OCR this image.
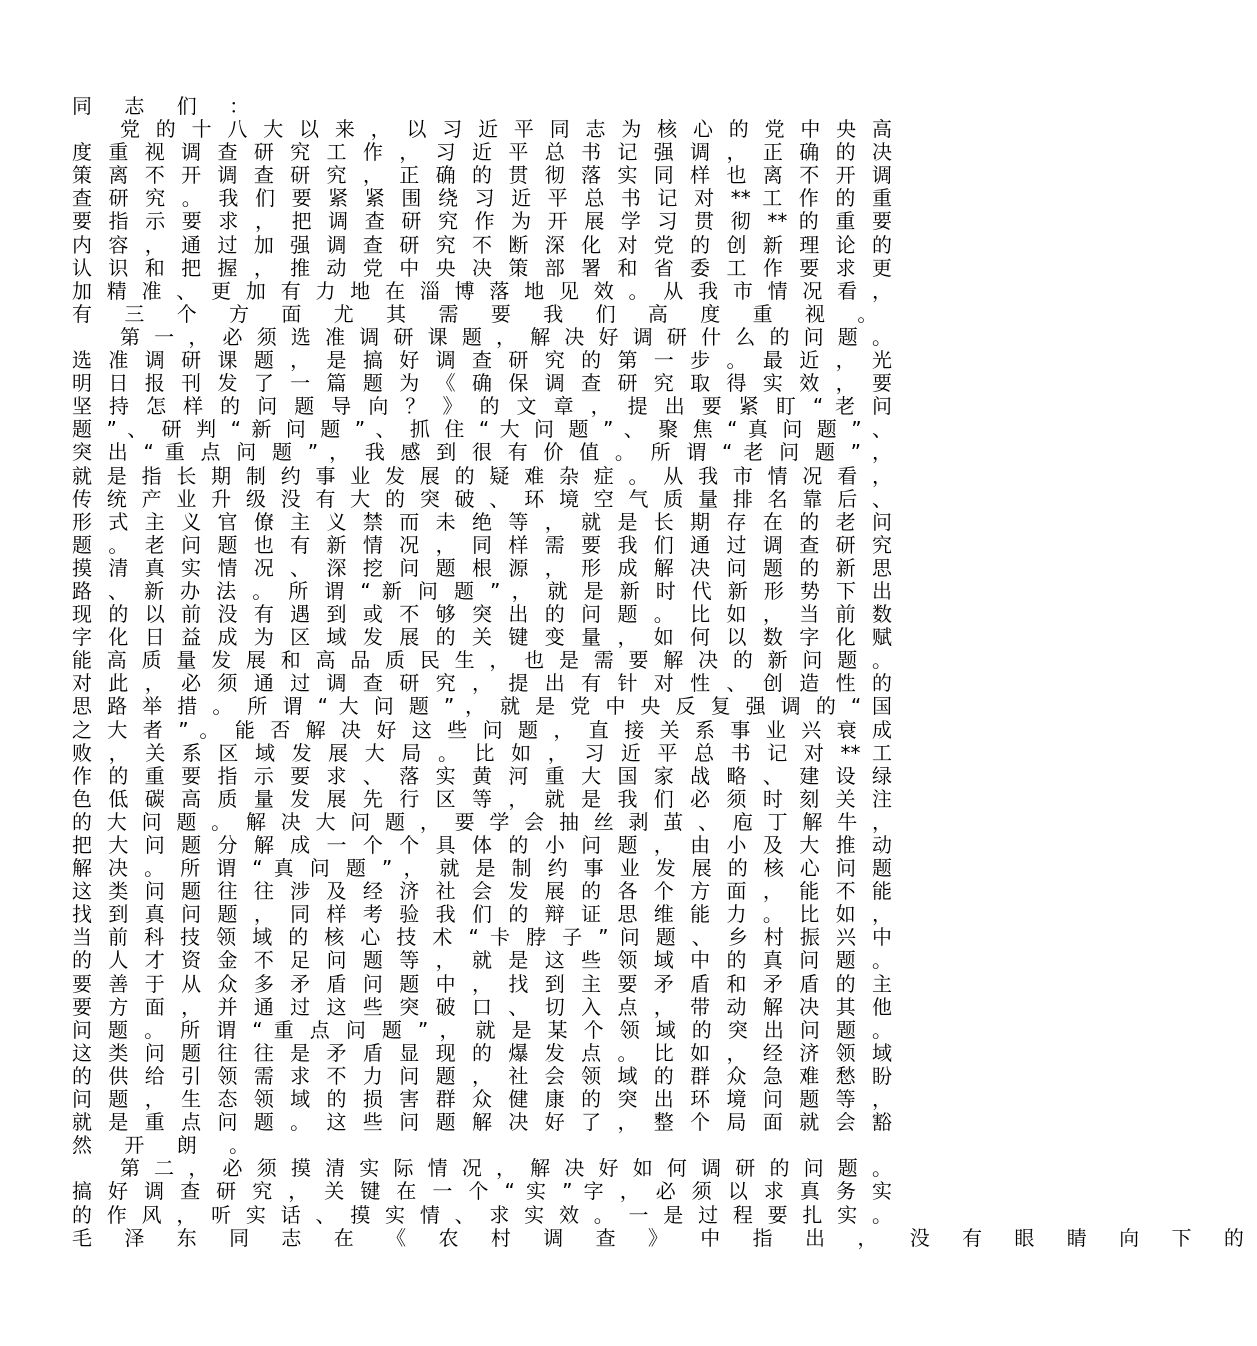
同 志 们 ：
党 的 十 八 大 以 来 ， 以 习 近 平 同 志 为 核 心 的 党 中 央 高
度 重 视 调 查 研 究 工 作 ， 习 近 平 总 书 记 强 调 ， 正 确 的 决
策 离 不 开 调 查 研 究 ， 正 确 的 贯 彻 落 实 同 样 也 离 不 开 调
查 研 究 。 我 们 要 紧 紧 围 绕 习 近 平 总 书 记 对 ** 工 作 的 重
要 指 示 要 求 ， 把 调 查 研 究 作 为 开 展 学 习 贯 彻 ** 的 重 要
内 容 ， 通 过 加 强 调 查 研 究 不 断 深 化 对 党 的 创 新 理 论 的
认 识 和 把 握 ， 推 动 党 中 央 决 策 部 署 和 省 委 工 作 要 求 更
加 精 准 、 更 加 有 力 地 在 淄 博 落 地 见 效 。 从 我 市 情 况 看 ，
有 三 个 方 面 尤 其 需 要 我 们 高 度 重 视 。
第 一 ， 必 须 选 准 调 研 课 题 ， 解 决 好 调 研 什 么 的 问 题 。
选 准 调 研 课 题 ， 是 搞 好 调 查 研 究 的 第 一 步 。 最 近 ， 光
明 日 报 刊 发 了 一 篇 题 为 《 确 保 调 查 研 究 取 得 实 效 ， 要
坚 持 怎 样 的 问 题 导 向 ？ 》 的 文 章 ， 提 出 要 紧 盯 “ 老 问
题 ” 、 研 判 “ 新 问 题 ” 、 抓 住 “ 大 问 题 ” 、 聚 焦 “ 真 问 题 ” 、
突 出 “ 重 点 问 题 ” ， 我 感 到 很 有 价 值 。 所 谓 “ 老 问 题 ” ，
就 是 指 长 期 制 约 事 业 发 展 的 疑 难 杂 症 。 从 我 市 情 况 看 ，
传 统 产 业 升 级 没 有 大 的 突 破 、 环 境 空 气 质 量 排 名 靠 后 、
形 式 主 义 官 僚 主 义 禁 而 未 绝 等 ， 就 是 长 期 存 在 的 老 问
题 。 老 问 题 也 有 新 情 况 ， 同 样 需 要 我 们 通 过 调 查 研 究
摸 清 真 实 情 况 、 深 挖 问 题 根 源 ， 形 成 解 决 问 题 的 新 思
路 、 新 办 法 。 所 谓 “ 新 问 题 ” ， 就 是 新 时 代 新 形 势 下 出
现 的 以 前 没 有 遇 到 或 不 够 突 出 的 问 题 。 比 如 ， 当 前 数
字 化 日 益 成 为 区 域 发 展 的 关 键 变 量 ， 如 何 以 数 字 化 赋
能 高 质 量 发 展 和 高 品 质 民 生 ， 也 是 需 要 解 决 的 新 问 题 。
对 此 ， 必 须 通 过 调 查 研 究 ， 提 出 有 针 对 性 、 创 造 性 的
思 路 举 措 。 所 谓 “ 大 问 题 ” ， 就 是 党 中 央 反 复 强 调 的 “ 国
之 大 者 ” 。 能 否 解 决 好 这 些 问 题 ， 直 接 关 系 事 业 兴 衰 成
败 ， 关 系 区 域 发 展 大 局 。 比 如 ， 习 近 平 总 书 记 对 ** 工
作 的 重 要 指 示 要 求 、 落 实 黄 河 重 大 国 家 战 略 、 建 设 绿
色 低 碳 高 质 量 发 展 先 行 区 等 ， 就 是 我 们 必 须 时 刻 关 注
的 大 问 题 。 解 决 大 问 题 ， 要 学 会 抽 丝 剥 茧 、 庖 丁 解 牛 ，
把 大 问 题 分 解 成 一 个 个 具 体 的 小 问 题 ， 由 小 及 大 推 动
解 决 。 所 谓 “ 真 问 题 ” ， 就 是 制 约 事 业 发 展 的 核 心 问 题
这 类 问 题 往 往 涉 及 经 济 社 会 发 展 的 各 个 方 面 ， 能 不 能
找 到 真 问 题 ， 同 样 考 验 我 们 的 辩 证 思 维 能 力 。 比 如 ，
当 前 科 技 领 域 的 核 心 技 术 “ 卡 脖 子 ” 问 题 、 乡 村 振 兴 中
的 人 才 资 金 不 足 问 题 等 ， 就 是 这 些 领 域 中 的 真 问 题 。
要 善 于 从 众 多 矛 盾 问 题 中 ， 找 到 主 要 矛 盾 和 矛 盾 的 主
要 方 面 ， 并 通 过 这 些 突 破 口 、 切 入 点 ， 带 动 解 决 其 他
问 题 。 所 谓 “ 重 点 问 题 ” ， 就 是 某 个 领 域 的 突 出 问 题 。
这 类 问 题 往 往 是 矛 盾 显 现 的 爆 发 点 。 比 如 ， 经 济 领 域
的 供 给 引 领 需 求 不 力 问 题 ， 社 会 领 域 的 群 众 急 难 愁 盼
问 题 ， 生 态 领 域 的 损 害 群 众 健 康 的 突 出 环 境 问 题 等 ，
就 是 重 点 问 题 。 这 些 问 题 解 决 好 了 ， 整 个 局 面 就 会 豁
然 开 朗 。
第 二 ， 必 须 摸 清 实 际 情 况 ， 解 决 好 如 何 调 研 的 问 题 。
搞 好 调 查 研 究 ， 关 键 在 一 个 “ 实 ” 字 ， 必 须 以 求 真 务 实
的 作 风 ， 听 实 话 、 摸 实 情 、 求 实 效 。 一 是 过 程 要 扎 实 。
毛 泽 东 同 志 在 《 农 村 调 查 》 中 指 出 ， 没 有 眼 睛 向 下 的
